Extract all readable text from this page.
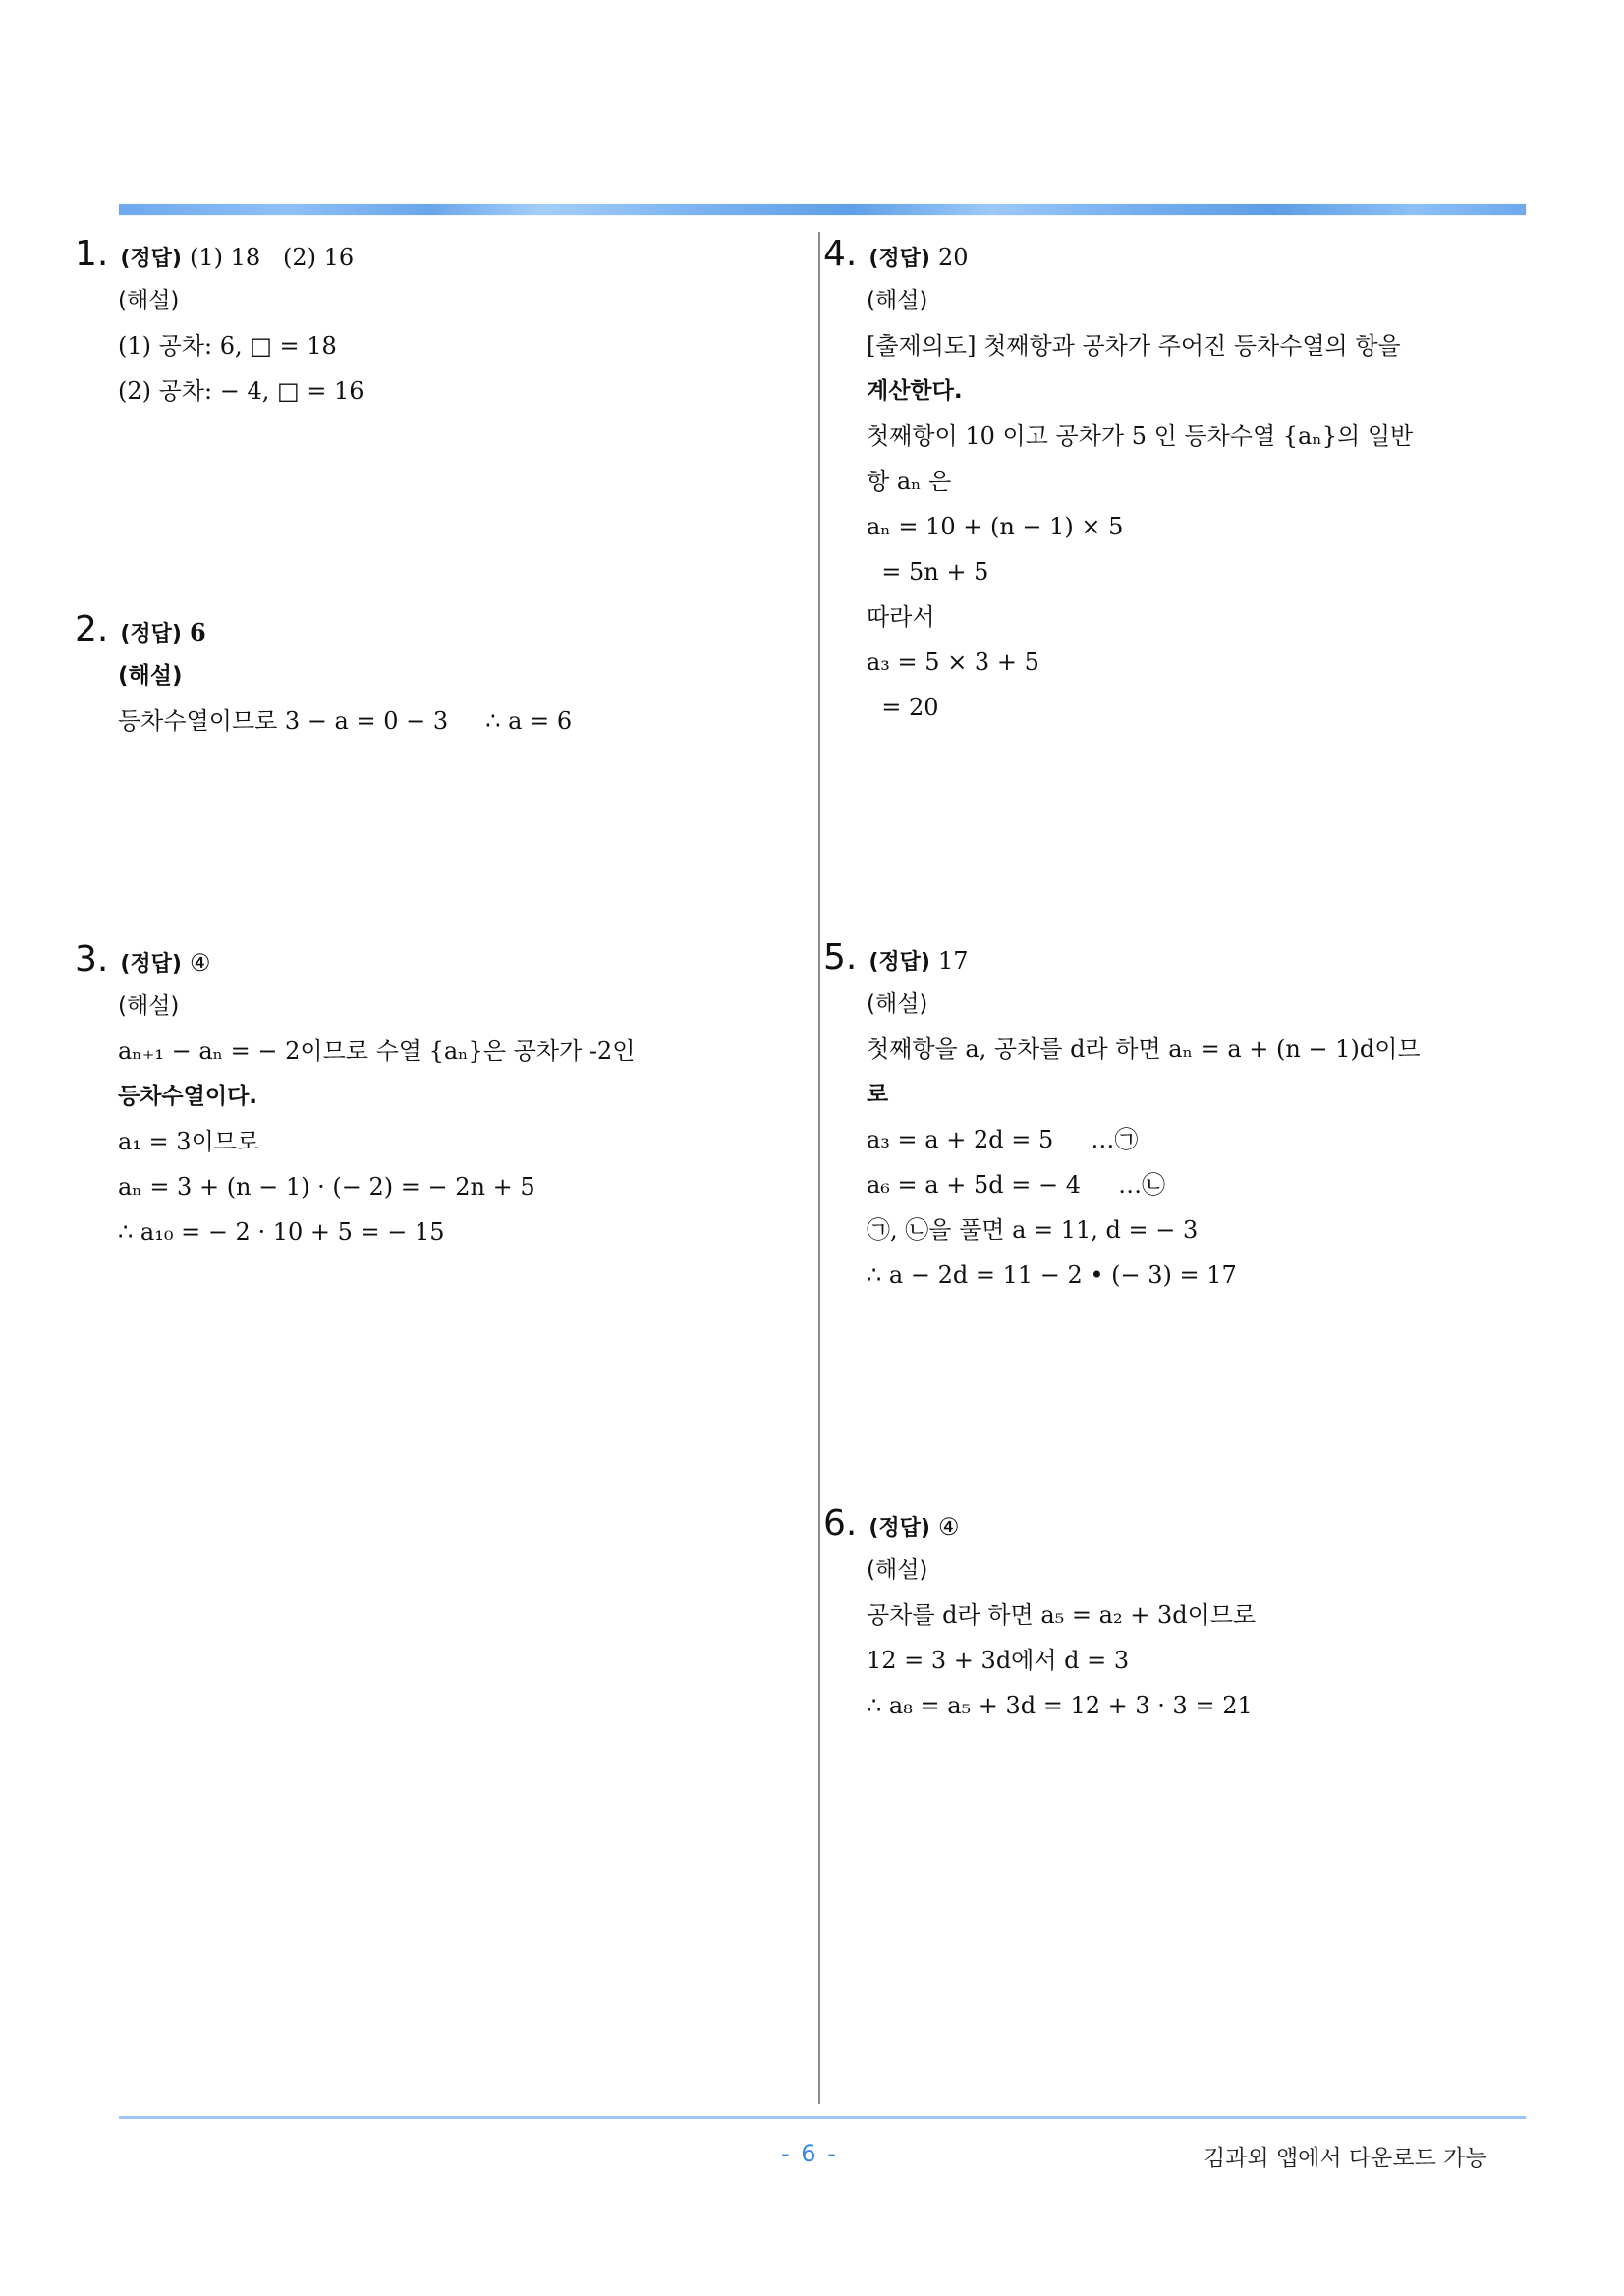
1. (정답) (1) 18   (2) 16
(해설)
(1) 공차: 6, □ = 18
(2) 공차: − 4, □ = 16
2. (정답) 6
(해설)
등차수열이므로 3 − a = 0 − 3     ∴ a = 6
3. (정답) ④
(해설)
aₙ₊₁ − aₙ = − 2이므로 수열 {aₙ}은 공차가 -2인
등차수열이다.
a₁ = 3이므로
aₙ = 3 + (n − 1) · (− 2) = − 2n + 5
∴ a₁₀ = − 2 · 10 + 5 = − 15
4. (정답) 20
(해설)
[출제의도] 첫째항과 공차가 주어진 등차수열의 항을
계산한다.
첫째항이 10 이고 공차가 5 인 등차수열 {aₙ}의 일반
항 aₙ 은
aₙ = 10 + (n − 1) × 5
= 5n + 5
따라서
a₃ = 5 × 3 + 5
= 20
5. (정답) 17
(해설)
첫째항을 a, 공차를 d라 하면 aₙ = a + (n − 1)d이므
로
a₃ = a + 2d = 5     …㉠
a₆ = a + 5d = − 4     …㉡
㉠, ㉡을 풀면 a = 11, d = − 3
∴ a − 2d = 11 − 2 • (− 3) = 17
6. (정답) ④
(해설)
공차를 d라 하면 a₅ = a₂ + 3d이므로
12 = 3 + 3d에서 d = 3
∴ a₈ = a₅ + 3d = 12 + 3 · 3 = 21
- 6 -	김과외 앱에서 다운로드 가능
